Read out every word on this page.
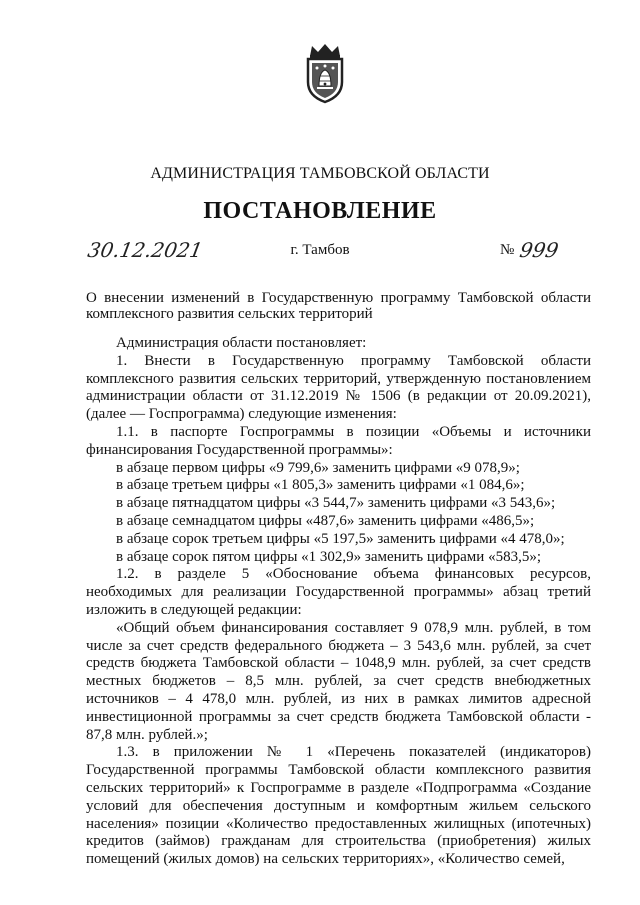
АДМИНИСТРАЦИЯ ТАМБОВСКОЙ ОБЛАСТИ
ПОСТАНОВЛЕНИЕ
30.12.2021	г. Тамбов	№ 999
О внесении изменений в Государственную программу Тамбовской области комплексного развития сельских территорий

Администрация области постановляет:

1. Внести в Государственную программу Тамбовской области комплексного развития сельских территорий, утвержденную постановлением администрации области от 31.12.2019 № 1506 (в редакции от 20.09.2021), (далее — Госпрограмма) следующие изменения:

1.1. в паспорте Госпрограммы в позиции «Объемы и источники финансирования Государственной программы»:

в абзаце первом цифры «9 799,6» заменить цифрами «9 078,9»;

в абзаце третьем цифры «1 805,3» заменить цифрами «1 084,6»;

в абзаце пятнадцатом цифры «3 544,7» заменить цифрами «3 543,6»;

в абзаце семнадцатом цифры «487,6» заменить цифрами «486,5»;

в абзаце сорок третьем цифры «5 197,5» заменить цифрами «4 478,0»;

в абзаце сорок пятом цифры «1 302,9» заменить цифрами «583,5»;

1.2. в разделе 5 «Обоснование объема финансовых ресурсов, необходимых для реализации Государственной программы» абзац третий изложить в следующей редакции:

«Общий объем финансирования составляет 9 078,9 млн. рублей, в том числе за счет средств федерального бюджета – 3 543,6 млн. рублей, за счет средств бюджета Тамбовской области – 1048,9 млн. рублей, за счет средств местных бюджетов – 8,5 млн. рублей, за счет средств внебюджетных источников – 4 478,0 млн. рублей, из них в рамках лимитов адресной инвестиционной программы за счет средств бюджета Тамбовской области - 87,8 млн. рублей.»;

1.3. в приложении № 1 «Перечень показателей (индикаторов) Государственной программы Тамбовской области комплексного развития сельских территорий» к Госпрограмме в разделе «Подпрограмма «Создание условий для обеспечения доступным и комфортным жильем сельского населения» позиции «Количество предоставленных жилищных (ипотечных) кредитов (займов) гражданам для строительства (приобретения) жилых помещений (жилых домов) на сельских территориях», «Количество семей,
